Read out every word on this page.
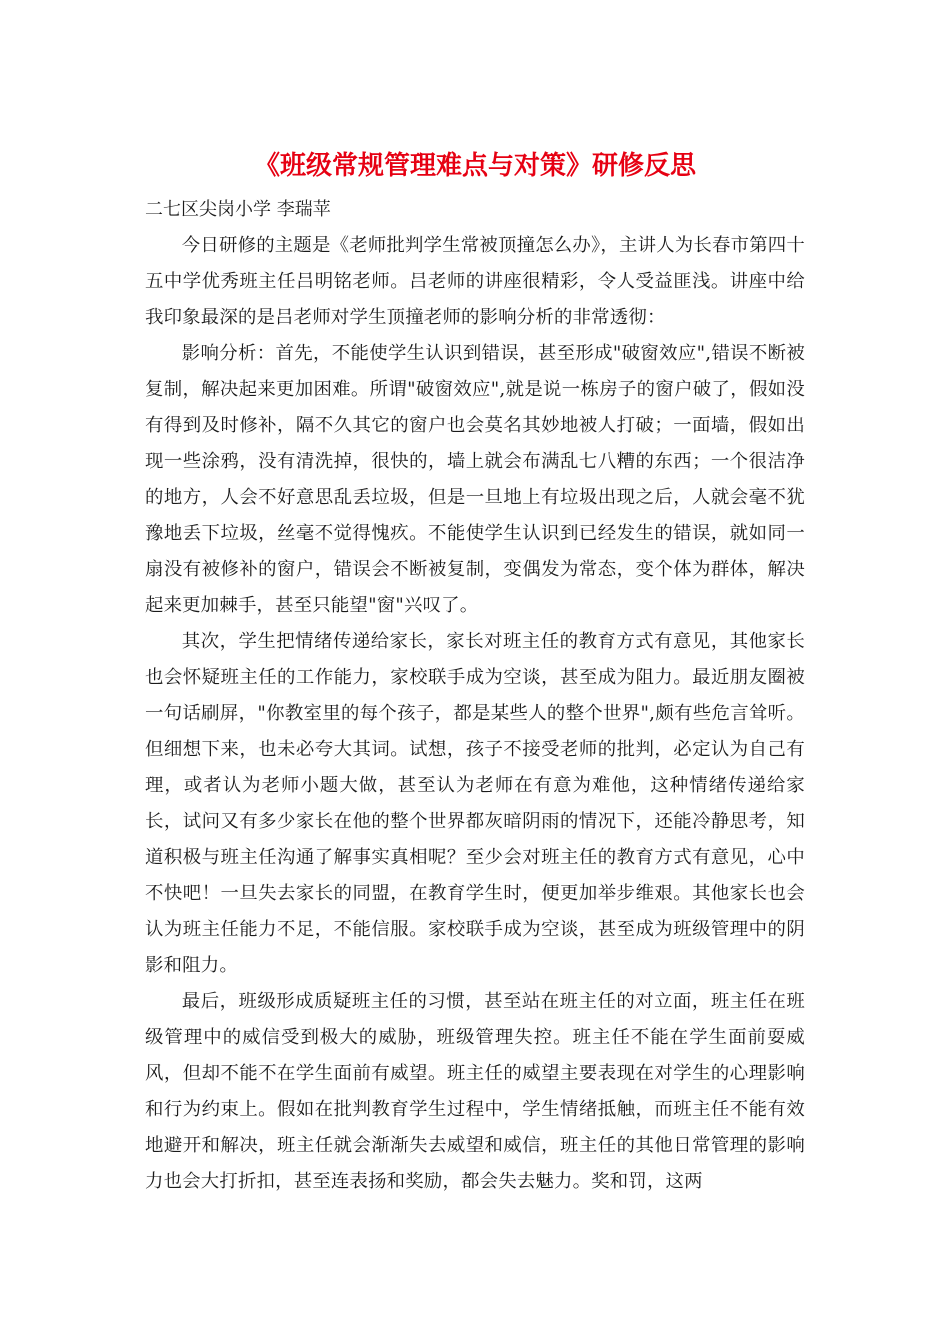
《班级常规管理难点与对策》研修反思

二七区尖岗小学 李瑞苹

今日研修的主题是《老师批判学生常被顶撞怎么办》，主讲人为长春市第四十五中学优秀班主任吕明铭老师。吕老师的讲座很精彩，令人受益匪浅。讲座中给我印象最深的是吕老师对学生顶撞老师的影响分析的非常透彻：

影响分析：首先，不能使学生认识到错误，甚至形成"破窗效应",错误不断被复制，解决起来更加困难。所谓"破窗效应",就是说一栋房子的窗户破了，假如没有得到及时修补，隔不久其它的窗户也会莫名其妙地被人打破；一面墙，假如出现一些涂鸦，没有清洗掉，很快的，墙上就会布满乱七八糟的东西；一个很洁净的地方，人会不好意思乱丢垃圾，但是一旦地上有垃圾出现之后，人就会毫不犹豫地丢下垃圾，丝毫不觉得愧疚。不能使学生认识到已经发生的错误，就如同一扇没有被修补的窗户，错误会不断被复制，变偶发为常态，变个体为群体，解决起来更加棘手，甚至只能望"窗"兴叹了。

其次，学生把情绪传递给家长，家长对班主任的教育方式有意见，其他家长也会怀疑班主任的工作能力，家校联手成为空谈，甚至成为阻力。最近朋友圈被一句话刷屏，"你教室里的每个孩子，都是某些人的整个世界",颇有些危言耸听。但细想下来，也未必夸大其词。试想，孩子不接受老师的批判，必定认为自己有理，或者认为老师小题大做，甚至认为老师在有意为难他，这种情绪传递给家长，试问又有多少家长在他的整个世界都灰暗阴雨的情况下，还能冷静思考，知道积极与班主任沟通了解事实真相呢？至少会对班主任的教育方式有意见，心中不快吧！一旦失去家长的同盟，在教育学生时，便更加举步维艰。其他家长也会认为班主任能力不足，不能信服。家校联手成为空谈，甚至成为班级管理中的阴影和阻力。

最后，班级形成质疑班主任的习惯，甚至站在班主任的对立面，班主任在班级管理中的威信受到极大的威胁，班级管理失控。班主任不能在学生面前耍威风，但却不能不在学生面前有威望。班主任的威望主要表现在对学生的心理影响和行为约束上。假如在批判教育学生过程中，学生情绪抵触，而班主任不能有效地避开和解决，班主任就会渐渐失去威望和威信，班主任的其他日常管理的影响力也会大打折扣，甚至连表扬和奖励，都会失去魅力。奖和罚，这两
